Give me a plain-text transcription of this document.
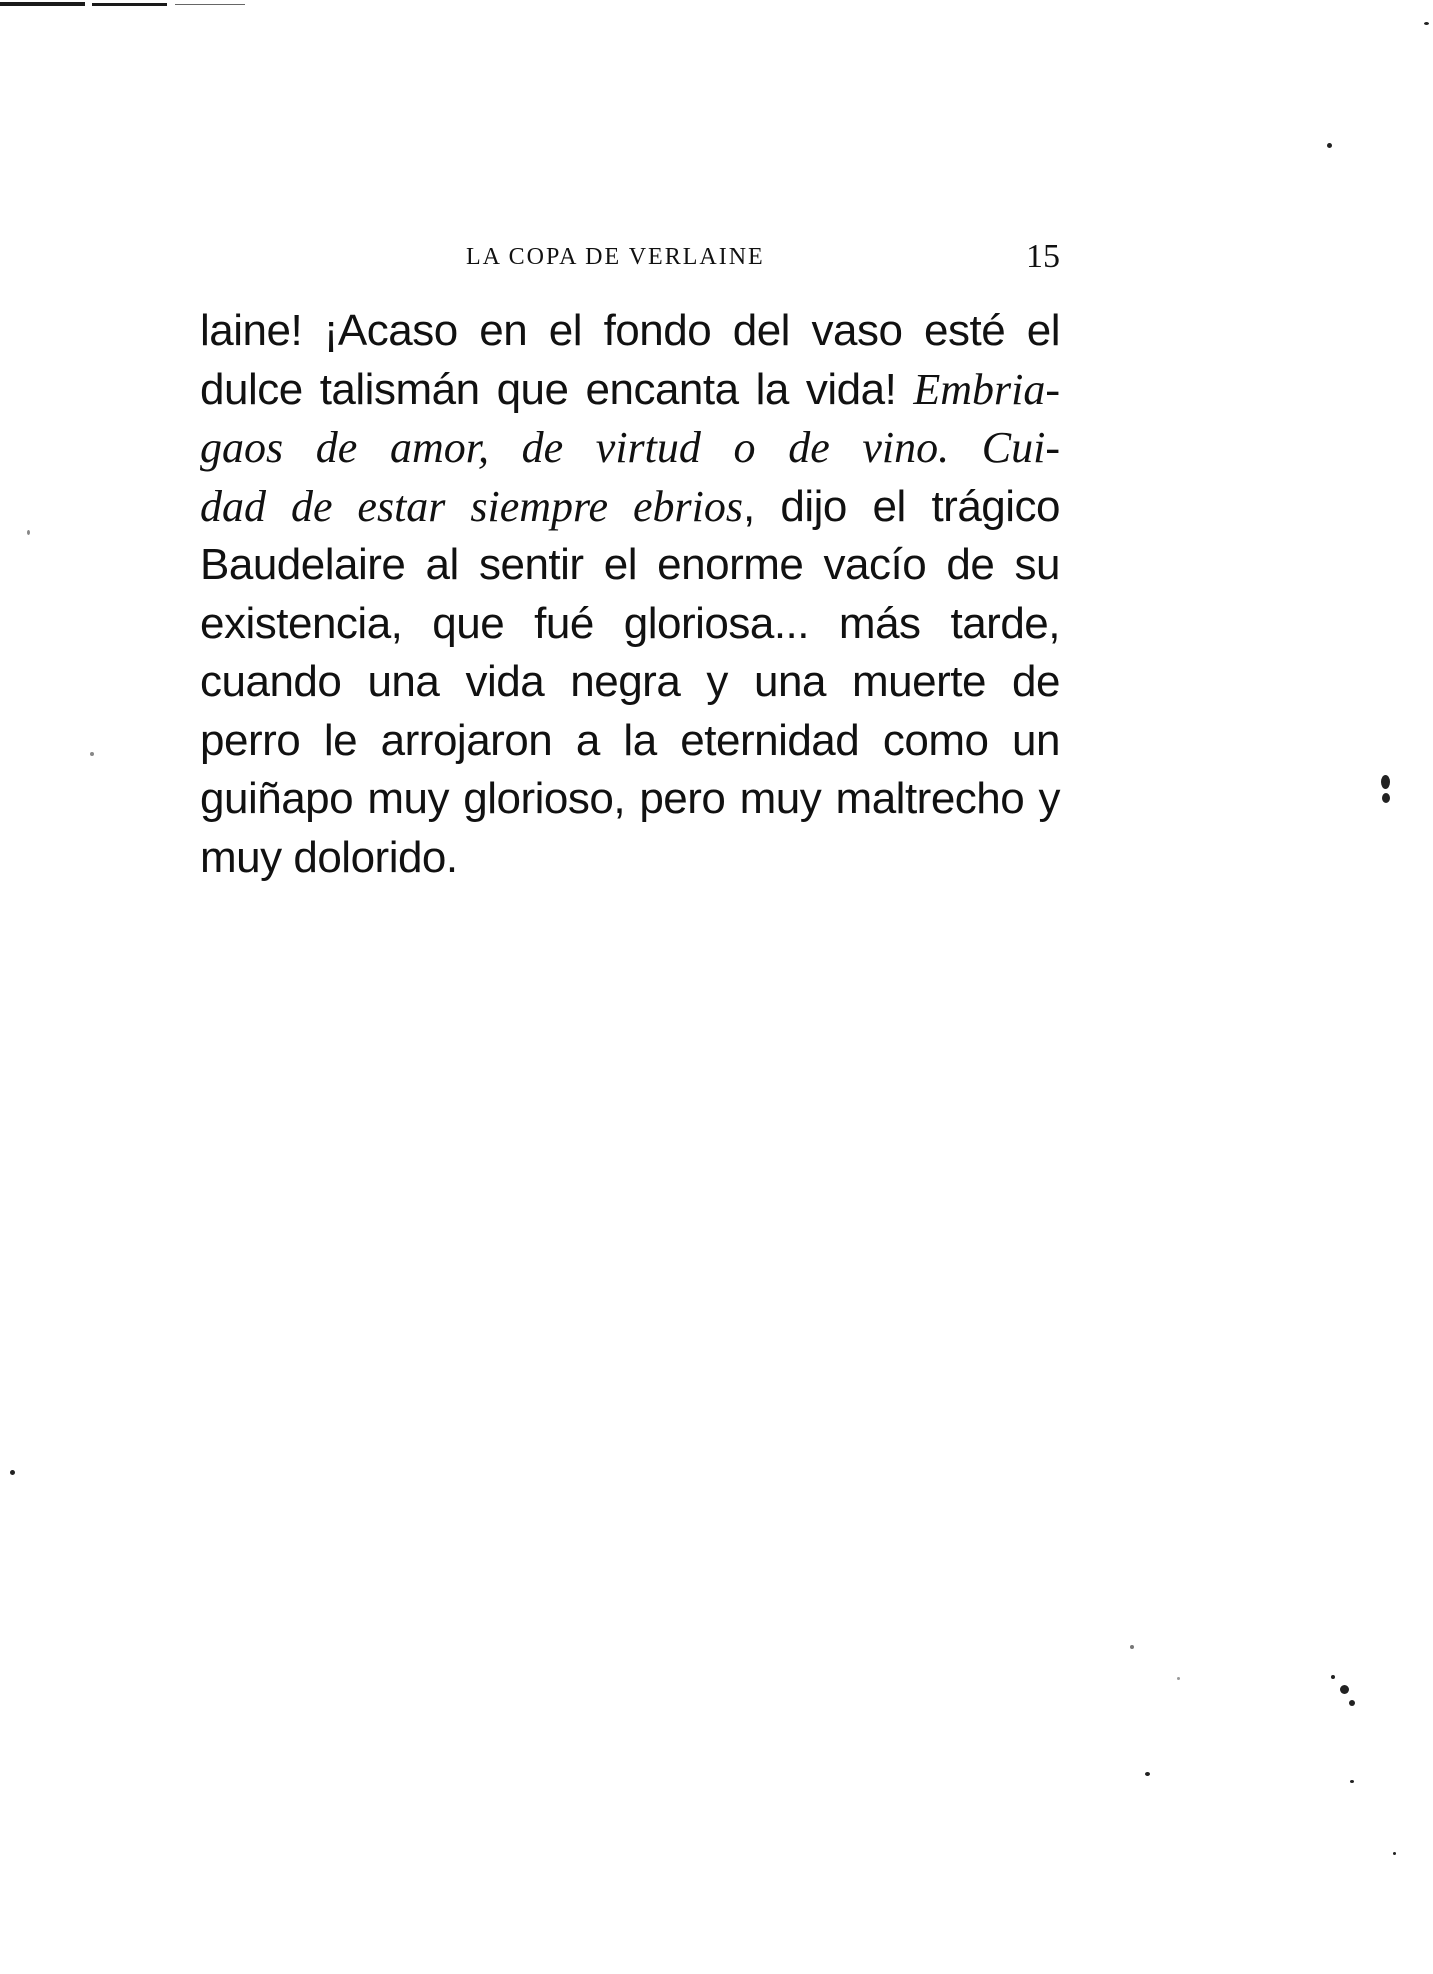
LA COPA DE VERLAINE	15
laine! ¡Acaso en el fondo del vaso esté el
dulce talismán que encanta la vida! Embria-
gaos de amor, de virtud o de vino. Cui-
dad de estar siempre ebrios, dijo el trágico
Baudelaire al sentir el enorme vacío de su
existencia, que fué gloriosa... más tarde,
cuando una vida negra y una muerte de
perro le arrojaron a la eternidad como un
guiñapo muy glorioso, pero muy maltrecho y
muy dolorido.
